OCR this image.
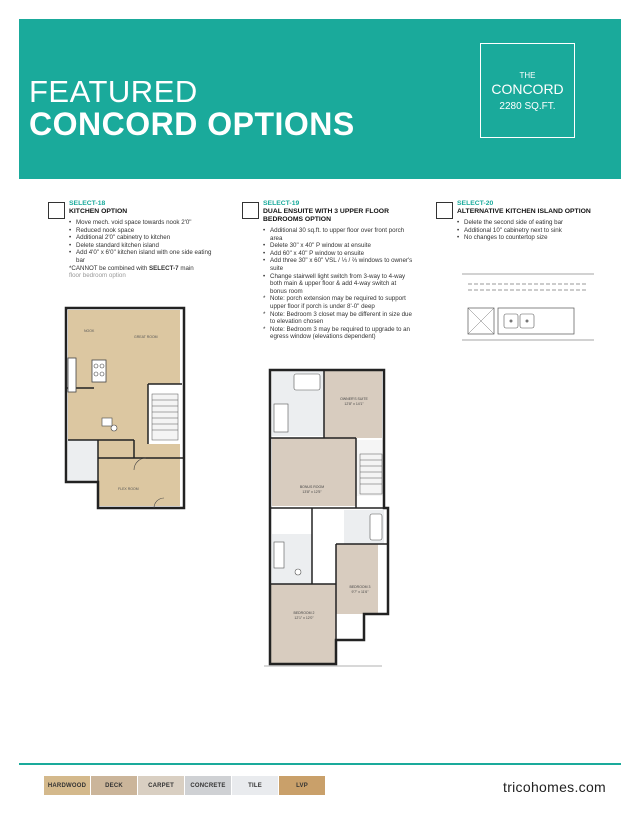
FEATURED
CONCORD OPTIONS
THE
CONCORD
2280 SQ.FT.
SELECT-18
KITCHEN OPTION
• Move mech. void space towards nook 2'0"
• Reduced nook space
• Additional 2'0" cabinetry to kitchen
• Delete standard kitchen island
• Add 4'0" x 6'0" kitchen island with one side eating bar
*CANNOT be combined with SELECT-7 main
floor bedroom option
SELECT-19
DUAL ENSUITE WITH 3 UPPER FLOOR BEDROOMS OPTION
• Additional 30 sq.ft. to upper floor over front porch area
• Delete 30" x 40" P window at ensuite
• Add 60" x 40" P window to ensuite
• Add three 30" x 60" VSL / ⅓ / ⅔ windows to owner's suite
• Change stairwell light switch from 3-way to 4-way both main & upper floor & add 4-way switch at bonus room
* Note: porch extension may be required to support upper floor if porch is under 8'-0" deep
* Note: Bedroom 3 closet may be different in size due to elevation chosen
* Note: Bedroom 3 may be required to upgrade to an egress window (elevations dependent)
SELECT-20
ALTERNATIVE KITCHEN ISLAND OPTION
• Delete the second side of eating bar
• Additional 10" cabinetry next to sink
• No changes to countertop size
NOOK
GREAT ROOM
FLEX ROOM
OWNER'S SUITE
12'8" x 14'1"
BONUS ROOM
13'8" x 12'5"
BEDROOM 2
12'1" x 12'0"
BEDROOM 3
9'7" x 11'6"
HARDWOOD	DECK	CARPET	CONCRETE	TILE	LVP	tricohomes.com
